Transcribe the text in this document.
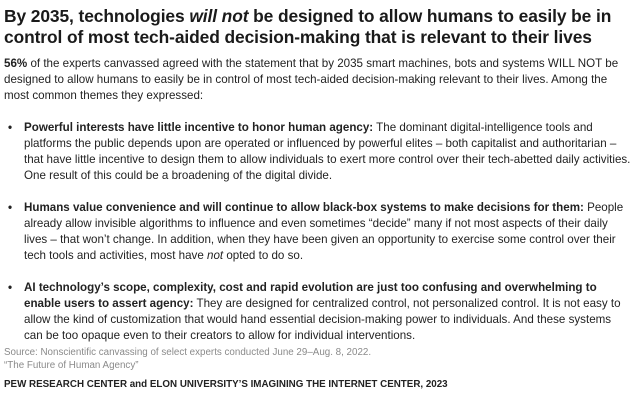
By 2035, technologies will not be designed to allow humans to easily be in control of most tech-aided decision-making that is relevant to their lives

56% of the experts canvassed agreed with the statement that by 2035 smart machines, bots and systems WILL NOT be designed to allow humans to easily be in control of most tech-aided decision-making relevant to their lives. Among the most common themes they expressed:

• Powerful interests have little incentive to honor human agency: The dominant digital-intelligence tools and platforms the public depends upon are operated or influenced by powerful elites – both capitalist and authoritarian – that have little incentive to design them to allow individuals to exert more control over their tech-abetted daily activities. One result of this could be a broadening of the digital divide.
• Humans value convenience and will continue to allow black-box systems to make decisions for them: People already allow invisible algorithms to influence and even sometimes “decide” many if not most aspects of their daily lives – that won’t change. In addition, when they have been given an opportunity to exercise some control over their tech tools and activities, most have not opted to do so.
• AI technology’s scope, complexity, cost and rapid evolution are just too confusing and overwhelming to enable users to assert agency: They are designed for centralized control, not personalized control. It is not easy to allow the kind of customization that would hand essential decision-making power to individuals. And these systems can be too opaque even to their creators to allow for individual interventions.
Source: Nonscientific canvassing of select experts conducted June 29–Aug. 8, 2022.
“The Future of Human Agency”
PEW RESEARCH CENTER and ELON UNIVERSITY’S IMAGINING THE INTERNET CENTER, 2023
